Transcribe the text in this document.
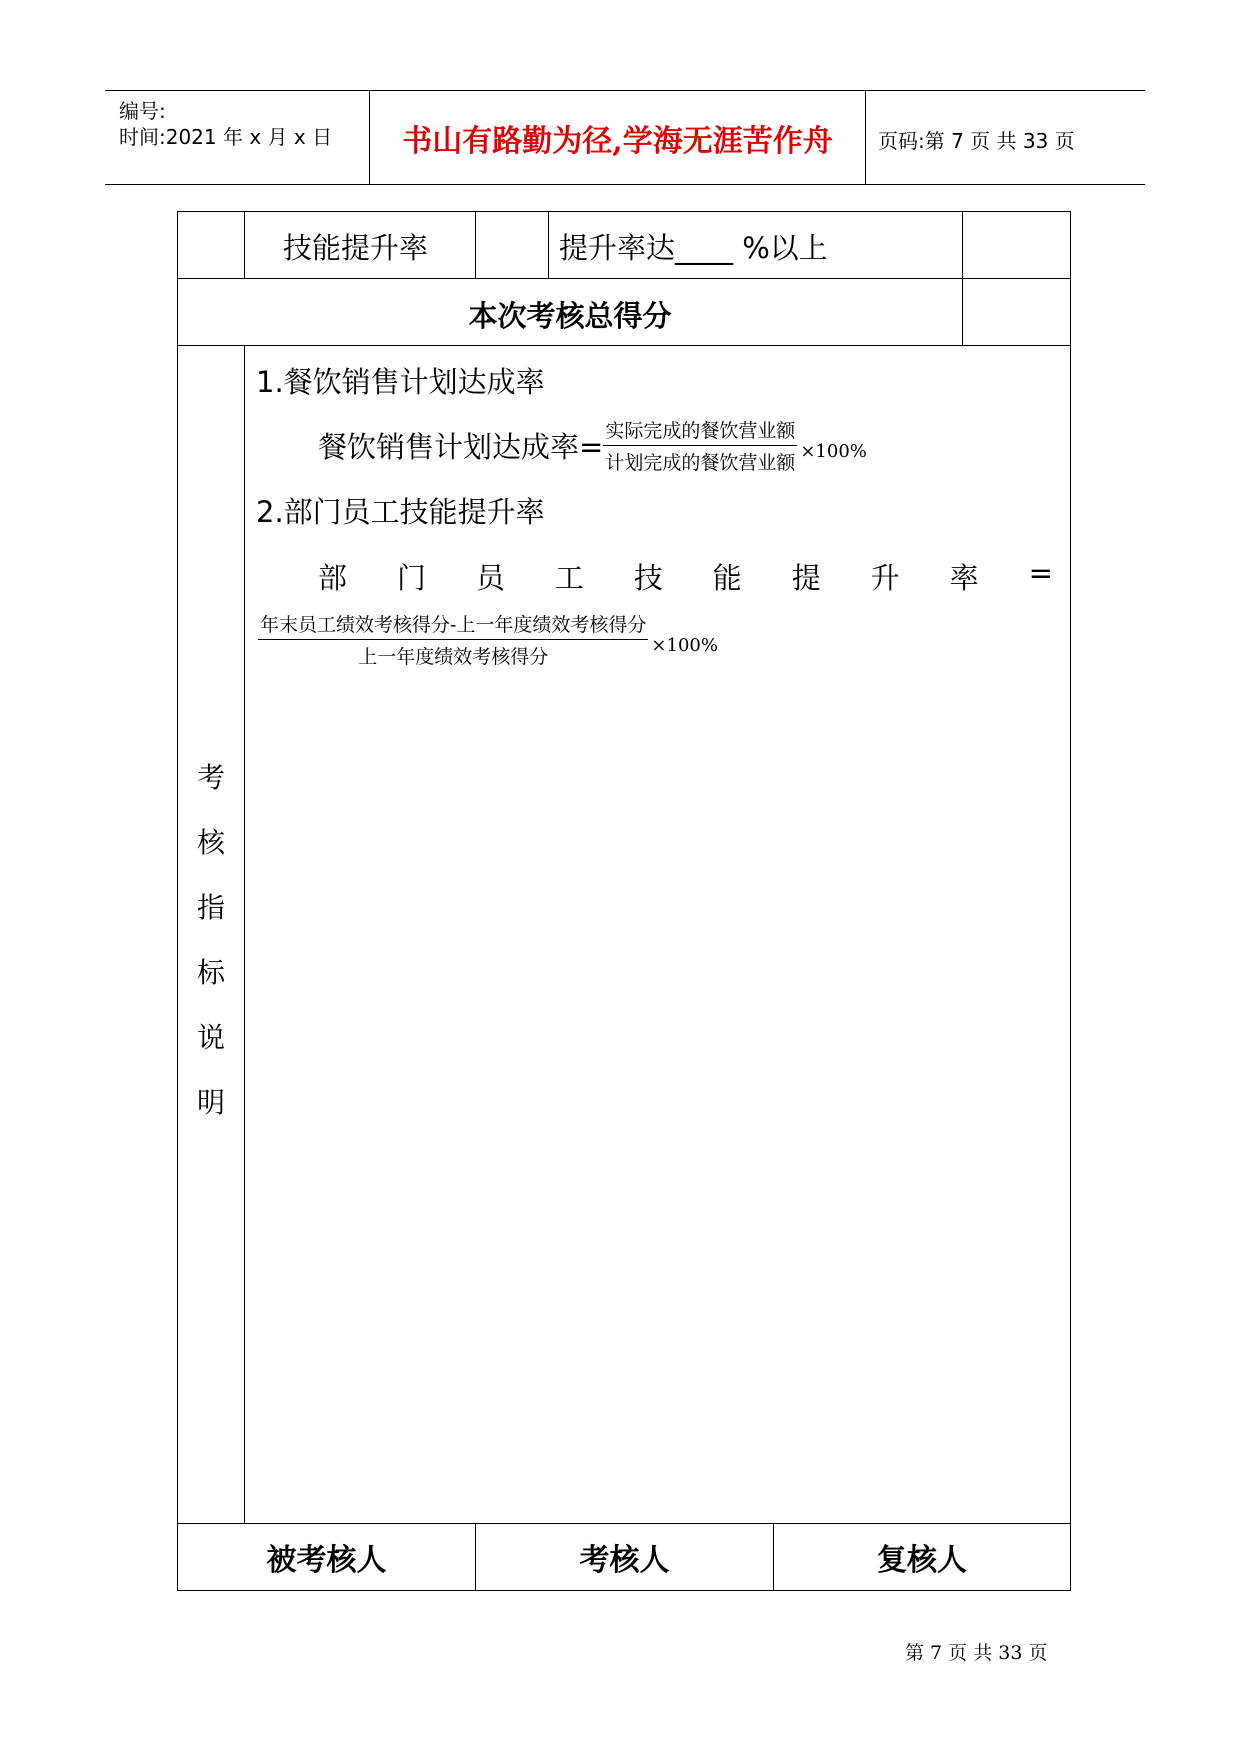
编号:
时间:2021 年 x 月 x 日 书山有路勤为径,学海无涯苦作舟 页码:第 7 页 共 33 页
技能提升率	提升率达____ %以上
本次考核总得分
考
核
指
标
说
明
1.餐饮销售计划达成率
餐饮销售计划达成率= $\frac{\text{实际完成的餐饮营业额}}{\text{计划完成的餐饮营业额}} \times 100\%$
2.部门员工技能提升率
部 门 员 工 技 能 提 升 率 =
$\frac{\text{年末员工绩效考核得分-上一年度绩效考核得分}}{\text{上一年度绩效考核得分}} \times 100\%$
被考核人	考核人	复核人
第 7 页 共 33 页
